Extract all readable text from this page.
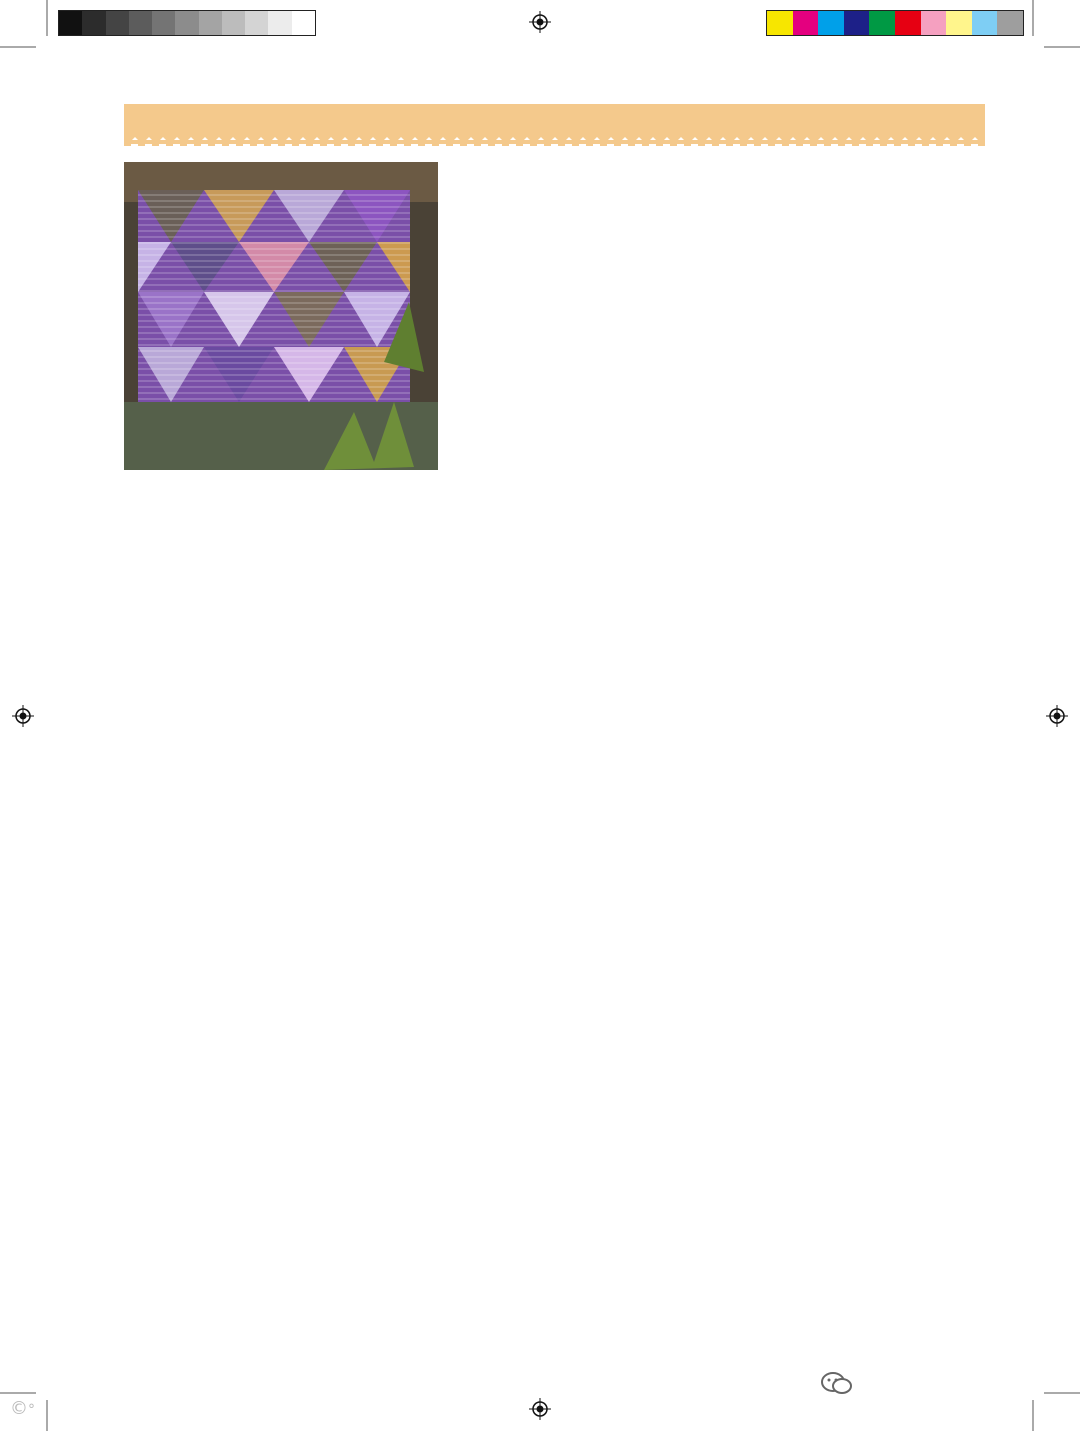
© °
